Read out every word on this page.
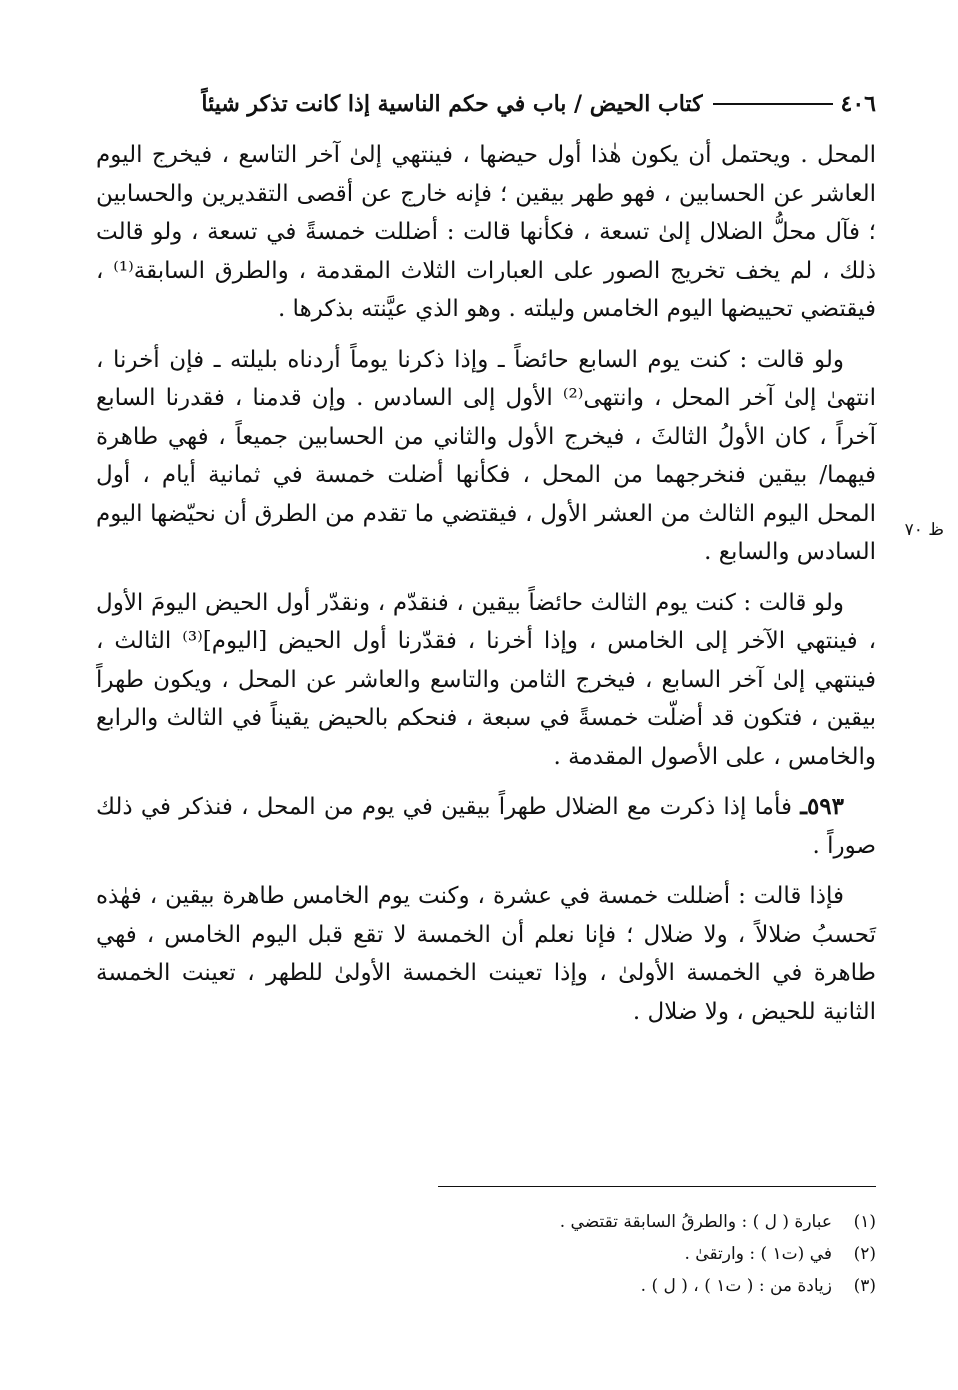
٤٠٦
كتاب الحيض / باب في حكم الناسية إذا كانت تذكر شيئاً
ظ ٧٠

المحل . ويحتمل أن يكون هٰذا أول حيضها ، فينتهي إلىٰ آخر التاسع ، فيخرج اليوم العاشر عن الحسابين ، فهو طهر بيقين ؛ فإنه خارج عن أقصى التقديرين والحسابين ؛ فآل محلُّ الضلال إلىٰ تسعة ، فكأنها قالت : أضللت خمسةً في تسعة ، ولو قالت ذلك ، لم يخف تخريج الصور على العبارات الثلاث المقدمة ، والطرق السابقة⁽¹⁾ ، فيقتضي تحييضها اليوم الخامس وليلته . وهو الذي عيَّنته بذكرها .

ولو قالت : كنت يوم السابع حائضاً ـ وإذا ذكرنا يوماً أردناه بليلته ـ فإن أخرنا ، انتهىٰ إلىٰ آخر المحل ، وانتهى⁽²⁾ الأول إلى السادس . وإن قدمنا ، فقدرنا السابع آخراً ، كان الأولُ الثالثَ ، فيخرج الأول والثاني من الحسابين جميعاً ، فهي طاهرة فيهما/ بيقين فنخرجهما من المحل ، فكأنها أضلت خمسة في ثمانية أيام ، أول المحل اليوم الثالث من العشر الأول ، فيقتضي ما تقدم من الطرق أن نحيّضها اليوم السادس والسابع .

ولو قالت : كنت يوم الثالث حائضاً بيقين ، فنقدّم ، ونقدّر أول الحيض اليومَ الأول ، فينتهي الآخر إلى الخامس ، وإذا أخرنا ، فقدّرنا أول الحيض [اليوم]⁽³⁾ الثالث ، فينتهي إلىٰ آخر السابع ، فيخرج الثامن والتاسع والعاشر عن المحل ، ويكون طهراً بيقين ، فتكون قد أضلّت خمسةً في سبعة ، فنحكم بالحيض يقيناً في الثالث والرابع والخامس ، على الأصول المقدمة .

٥٩٣ـ فأما إذا ذكرت مع الضلال طهراً بيقين في يوم من المحل ، فنذكر في ذلك صوراً .

فإذا قالت : أضللت خمسة في عشرة ، وكنت يوم الخامس طاهرة بيقين ، فهٰذه تَحسبُ ضلالاً ، ولا ضلال ؛ فإنا نعلم أن الخمسة لا تقع قبل اليوم الخامس ، فهي طاهرة في الخمسة الأولىٰ ، وإذا تعينت الخمسة الأولىٰ للطهر ، تعينت الخمسة الثانية للحيض ، ولا ضلال .

(١)عبارة ( ل ) : والطرقُ السابقة تقتضي .
(٢)في (ت١ ) : وارتقىٰ .
(٣)زيادة من : ( ت١ ) ، ( ل ) .
